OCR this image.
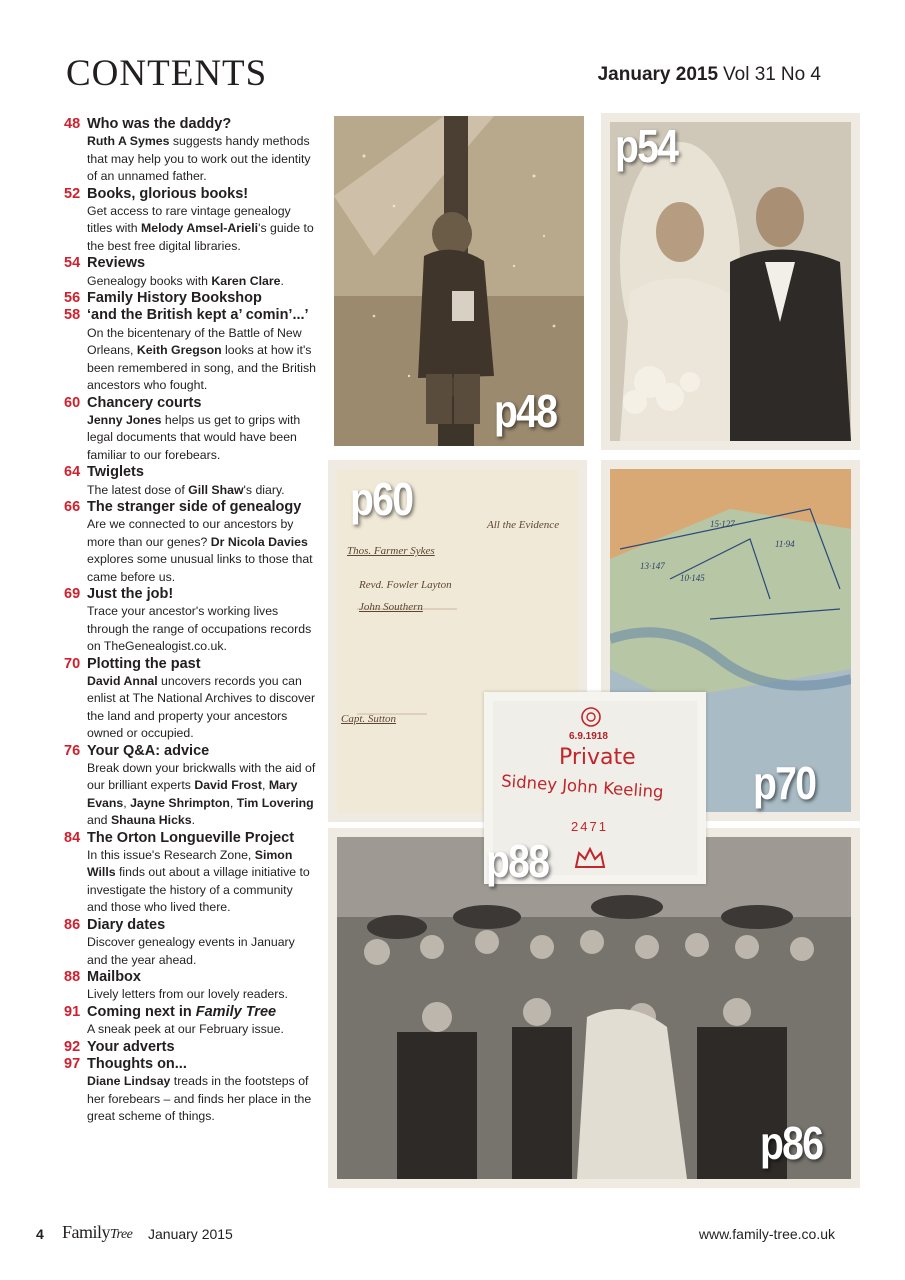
CONTENTS	January 2015 Vol 31 No 4
48 Who was the daddy?
Ruth A Symes suggests handy methods that may help you to work out the identity of an unnamed father.
52 Books, glorious books!
Get access to rare vintage genealogy titles with Melody Amsel-Arieli's guide to the best free digital libraries.
54 Reviews
Genealogy books with Karen Clare.
56 Family History Bookshop
58 ‘and the British kept a’ comin’...’
On the bicentenary of the Battle of New Orleans, Keith Gregson looks at how it's been remembered in song, and the British ancestors who fought.
60 Chancery courts
Jenny Jones helps us get to grips with legal documents that would have been familiar to our forebears.
64 Twiglets
The latest dose of Gill Shaw's diary.
66 The stranger side of genealogy
Are we connected to our ancestors by more than our genes? Dr Nicola Davies explores some unusual links to those that came before us.
69 Just the job!
Trace your ancestor's working lives through the range of occupations records on TheGenealogist.co.uk.
70 Plotting the past
David Annal uncovers records you can enlist at The National Archives to discover the land and property your ancestors owned or occupied.
76 Your Q&A: advice
Break down your brickwalls with the aid of our brilliant experts David Frost, Mary Evans, Jayne Shrimpton, Tim Lovering and Shauna Hicks.
84 The Orton Longueville Project
In this issue's Research Zone, Simon Wills finds out about a village initiative to investigate the history of a community and those who lived there.
86 Diary dates
Discover genealogy events in January and the year ahead.
88 Mailbox
Lively letters from our lovely readers.
91 Coming next in Family Tree
A sneak peek at our February issue.
92 Your adverts
97 Thoughts on...
Diane Lindsay treads in the footsteps of her forebears – and finds her place in the great scheme of things.
p48
p54
All the Evidence
Thos. Farmer Sykes
Revd. Fowler Layton
John Southern
Capt. Sutton
p60	15·127
13·147
10·145
11·94
p70
p86
6.9.1918
Private
Sidney John Keeling
2471
p88
4 FamilyTree January 2015	www.family-tree.co.uk
